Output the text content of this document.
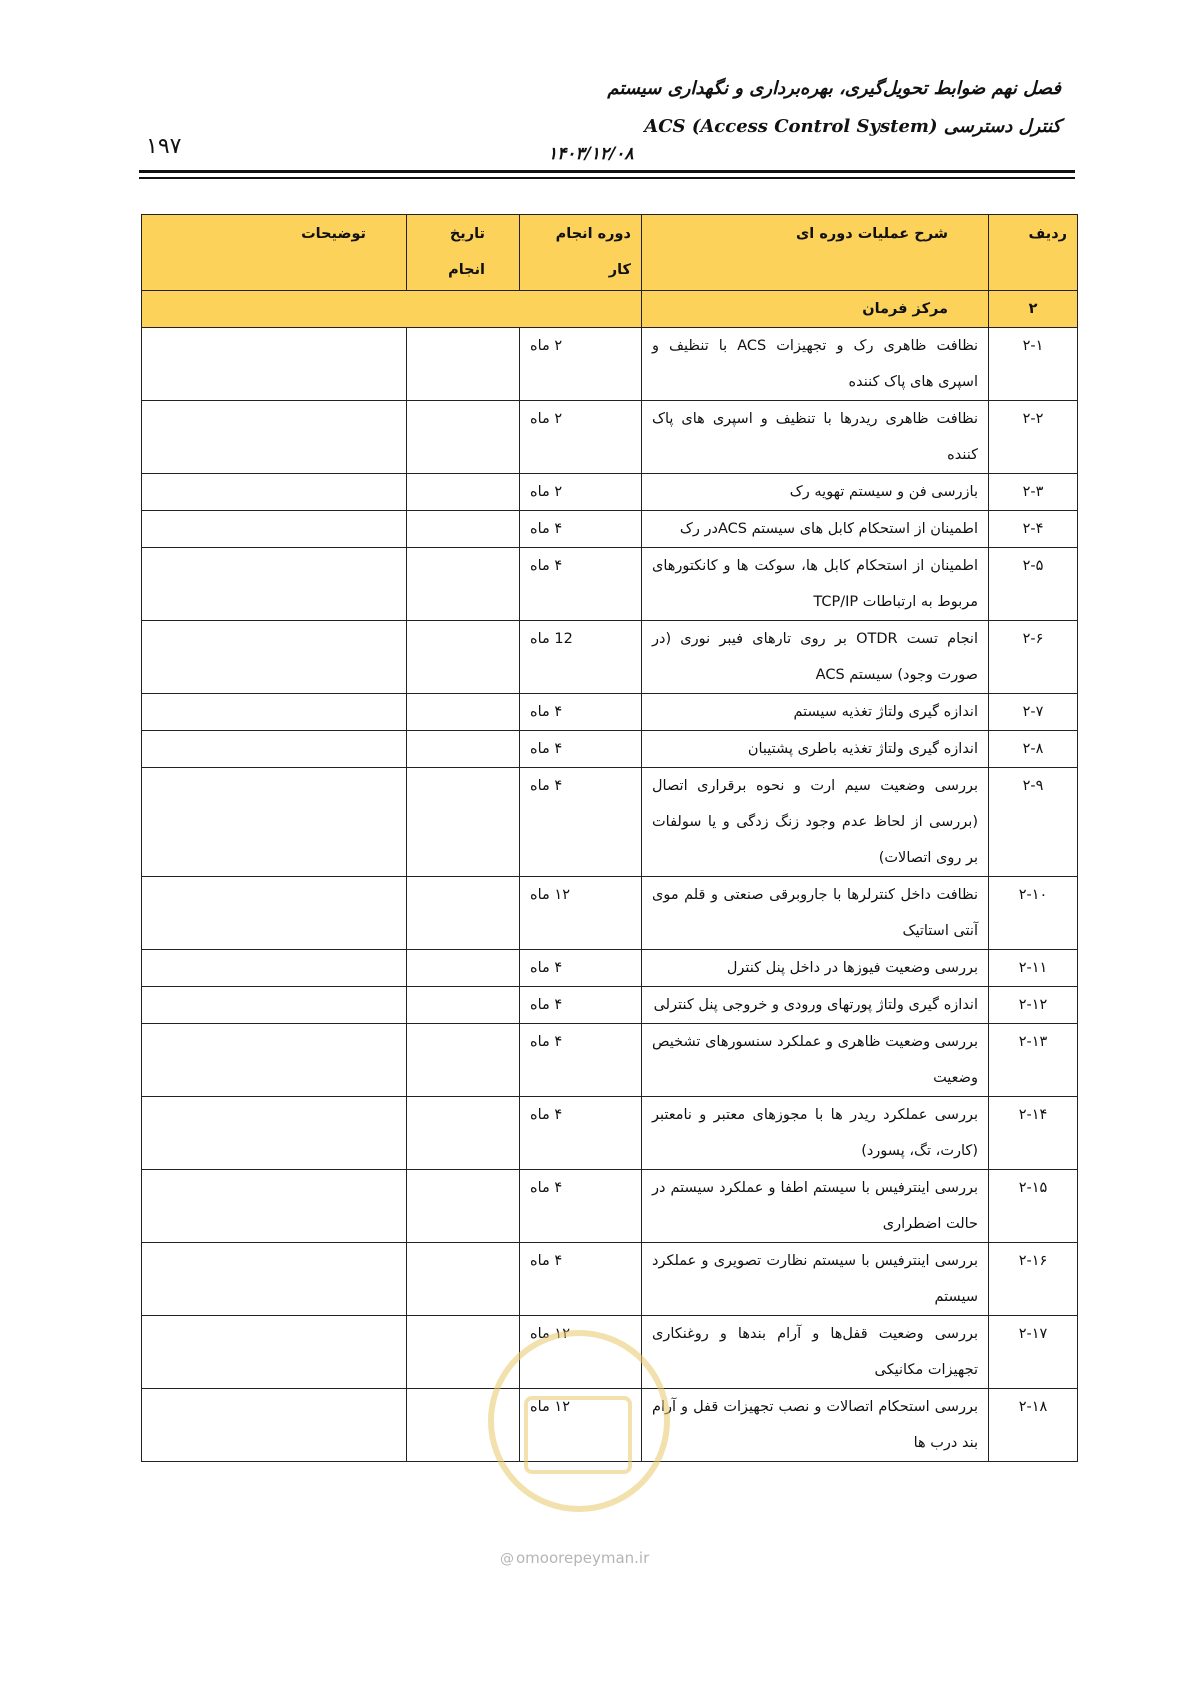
فصل نهم ضوابط تحویل‌گیری، بهره‌برداری و نگهداری سیستم
کنترل دسترسی ACS (Access Control System)
۱۴۰۳/۱۲/۰۸
۱۹۷
ردیف	شرح عملیات دوره ای	دوره انجام کار	تاریخ انجام	توضیحات
۲	مرکز فرمان			
۲-۱	نظافت ظاهری رک و تجهیزات ACS با تنظیف و اسپری های پاک کننده	۲ ماه		
۲-۲	نظافت ظاهری ریدرها با تنظیف و اسپری های پاک کننده	۲ ماه		
۲-۳	بازرسی فن و سیستم تهویه رک	۲ ماه		
۲-۴	اطمینان از استحکام کابل های سیستم ACSدر رک	۴ ماه		
۲-۵	اطمینان از استحکام کابل ها، سوکت ها و کانکتورهای مربوط به ارتباطات TCP/IP	۴ ماه		
۲-۶	انجام تست OTDR بر روی تارهای فیبر نوری (در صورت وجود) سیستم ACS	12 ماه		
۲-۷	اندازه گیری ولتاژ تغذیه سیستم	۴ ماه		
۲-۸	اندازه گیری ولتاژ تغذیه باطری پشتیبان	۴ ماه		
۲-۹	بررسی وضعیت سیم ارت و نحوه برقراری اتصال (بررسی از لحاظ عدم وجود زنگ زدگی و یا سولفات بر روی اتصالات)	۴ ماه		
۲-۱۰	نظافت داخل کنترلرها با جاروبرقی صنعتی و قلم موی آنتی استاتیک	۱۲ ماه		
۲-۱۱	بررسی وضعیت فیوزها در داخل پنل کنترل	۴ ماه		
۲-۱۲	اندازه گیری ولتاژ پورتهای ورودی و خروجی پنل کنترلی	۴ ماه		
۲-۱۳	بررسی وضعیت ظاهری و عملکرد سنسورهای تشخیص وضعیت	۴ ماه		
۲-۱۴	بررسی عملکرد ریدر ها با مجوزهای معتبر و نامعتبر (کارت، تگ، پسورد)	۴ ماه		
۲-۱۵	بررسی اینترفیس با سیستم اطفا و عملکرد سیستم در حالت اضطراری	۴ ماه		
۲-۱۶	بررسی اینترفیس با سیستم نظارت تصویری و عملکرد سیستم	۴ ماه		
۲-۱۷	بررسی وضعیت قفل‌ها و آرام بندها و روغنکاری تجهیزات مکانیکی	۱۲ ماه		
۲-۱۸	بررسی استحکام اتصالات و نصب تجهیزات قفل و آرام بند درب ها	۱۲ ماه		
@ omoorepeyman.ir
